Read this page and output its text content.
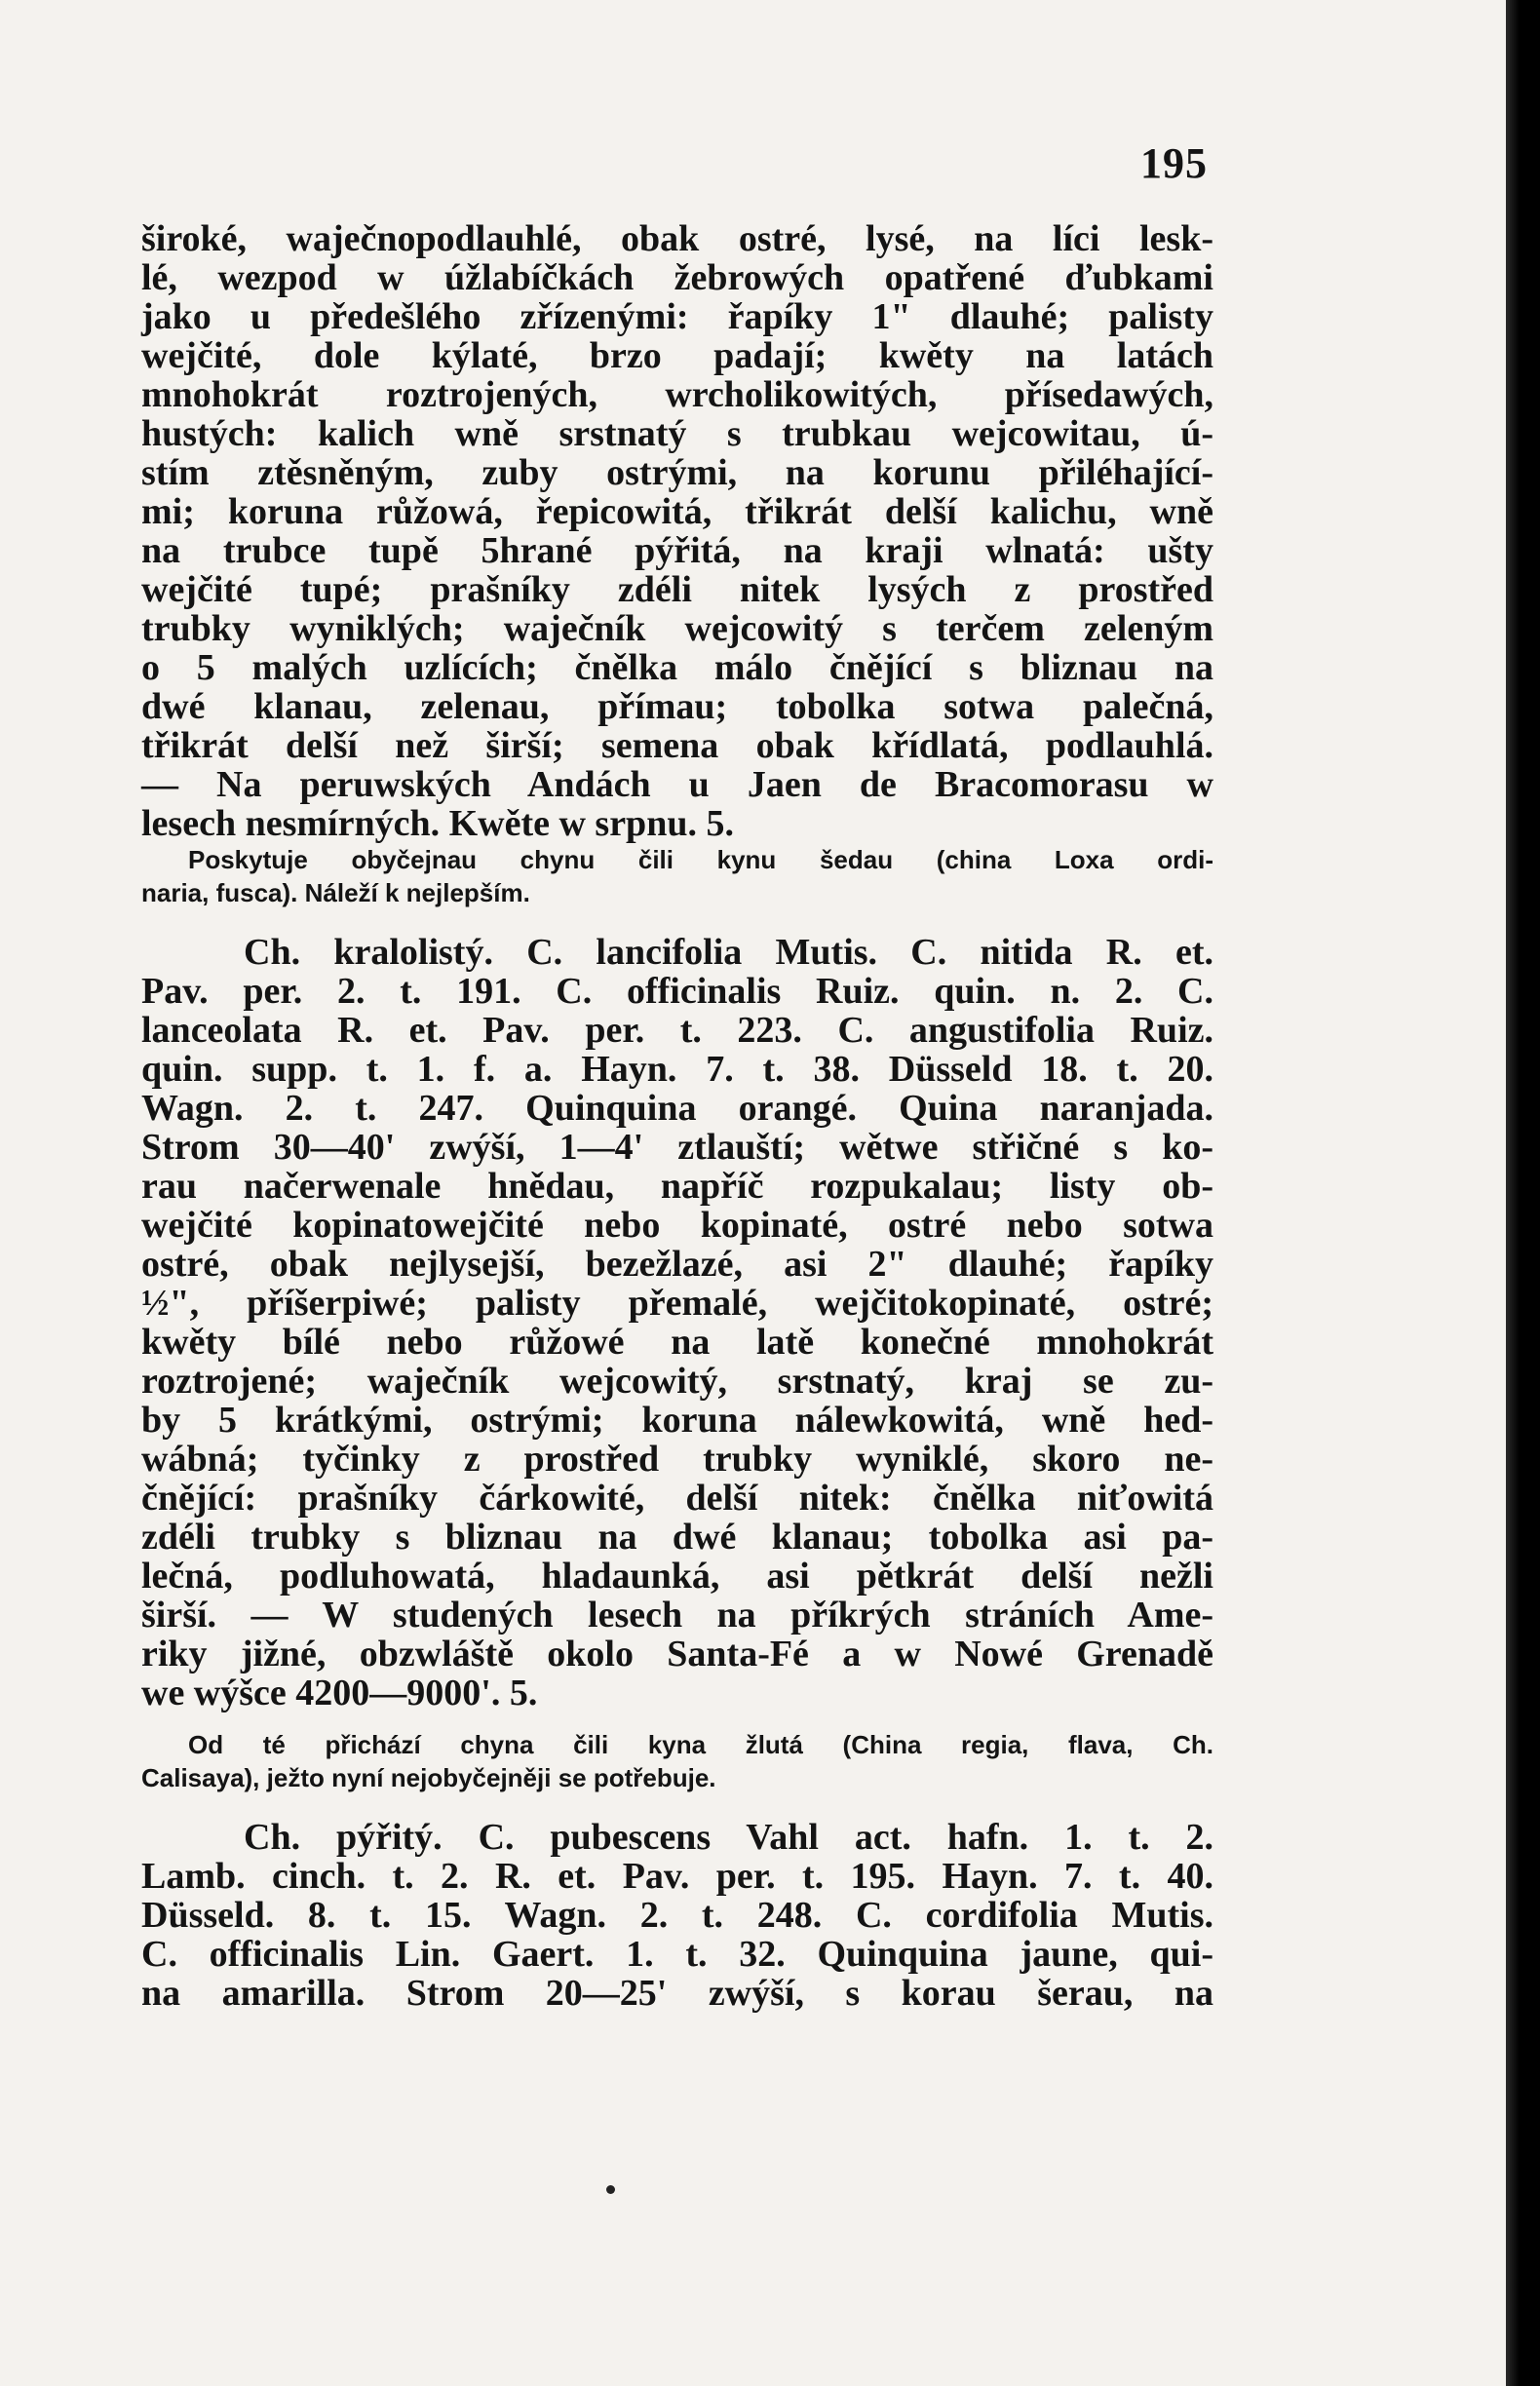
195
široké, waječnopodlauhlé, obak ostré, lysé, na líci lesk-
lé, wezpod w úžlabíčkách žebrowých opatřené ďubkami
jako u předešlého zřízenými: řapíky 1" dlauhé; palisty
wejčité, dole kýlaté, brzo padají; kwěty na latách
mnohokrát roztrojených, wrcholikowitých, přísedawých,
hustých: kalich wně srstnatý s trubkau wejcowitau, ú-
stím ztěsněným, zuby ostrými, na korunu přiléhající-
mi; koruna růžowá, řepicowitá, třikrát delší kalichu, wně
na trubce tupě 5hrané pýřitá, na kraji wlnatá: ušty
wejčité tupé; prašníky zdéli nitek lysých z prostřed
trubky wyniklých; waječník wejcowitý s terčem zeleným
o 5 malých uzlících; čnělka málo čnějící s bliznau na
dwé klanau, zelenau, přímau; tobolka sotwa palečná,
třikrát delší než širší; semena obak křídlatá, podlauhlá.
— Na peruwských Andách u Jaen de Bracomorasu w
lesech nesmírných. Kwěte w srpnu. 5.
Poskytuje obyčejnau chynu čili kynu šedau (china Loxa ordi-
naria, fusca). Náleží k nejlepším.
Ch. kralolistý. C. lancifolia Mutis. C. nitida R. et.
Pav. per. 2. t. 191. C. officinalis Ruiz. quin. n. 2. C.
lanceolata R. et. Pav. per. t. 223. C. angustifolia Ruiz.
quin. supp. t. 1. f. a. Hayn. 7. t. 38. Düsseld 18. t. 20.
Wagn. 2. t. 247. Quinquina orangé. Quina naranjada.
Strom 30—40' zwýší, 1—4' ztlauští; wětwe střičné s ko-
rau načerwenale hnědau, napříč rozpukalau; listy ob-
wejčité kopinatowejčité nebo kopinaté, ostré nebo sotwa
ostré, obak nejlysejší, bezežlazé, asi 2" dlauhé; řapíky
½", příšerpiwé; palisty přemalé, wejčitokopinaté, ostré;
kwěty bílé nebo růžowé na latě konečné mnohokrát
roztrojené; waječník wejcowitý, srstnatý, kraj se zu-
by 5 krátkými, ostrými; koruna nálewkowitá, wně hed-
wábná; tyčinky z prostřed trubky wyniklé, skoro ne-
čnějící: prašníky čárkowité, delší nitek: čnělka niťowitá
zdéli trubky s bliznau na dwé klanau; tobolka asi pa-
lečná, podluhowatá, hladaunká, asi pětkrát delší nežli
širší. — W studených lesech na příkrých stráních Ame-
riky jižné, obzwláště okolo Santa-Fé a w Nowé Grenadě
we wýšce 4200—9000'. 5.
Od té přichází chyna čili kyna žlutá (China regia, flava, Ch.
Calisaya), ježto nyní nejobyčejněji se potřebuje.
Ch. pýřitý. C. pubescens Vahl act. hafn. 1. t. 2.
Lamb. cinch. t. 2. R. et. Pav. per. t. 195. Hayn. 7. t. 40.
Düsseld. 8. t. 15. Wagn. 2. t. 248. C. cordifolia Mutis.
C. officinalis Lin. Gaert. 1. t. 32. Quinquina jaune, qui-
na amarilla. Strom 20—25' zwýší, s korau šerau, na
